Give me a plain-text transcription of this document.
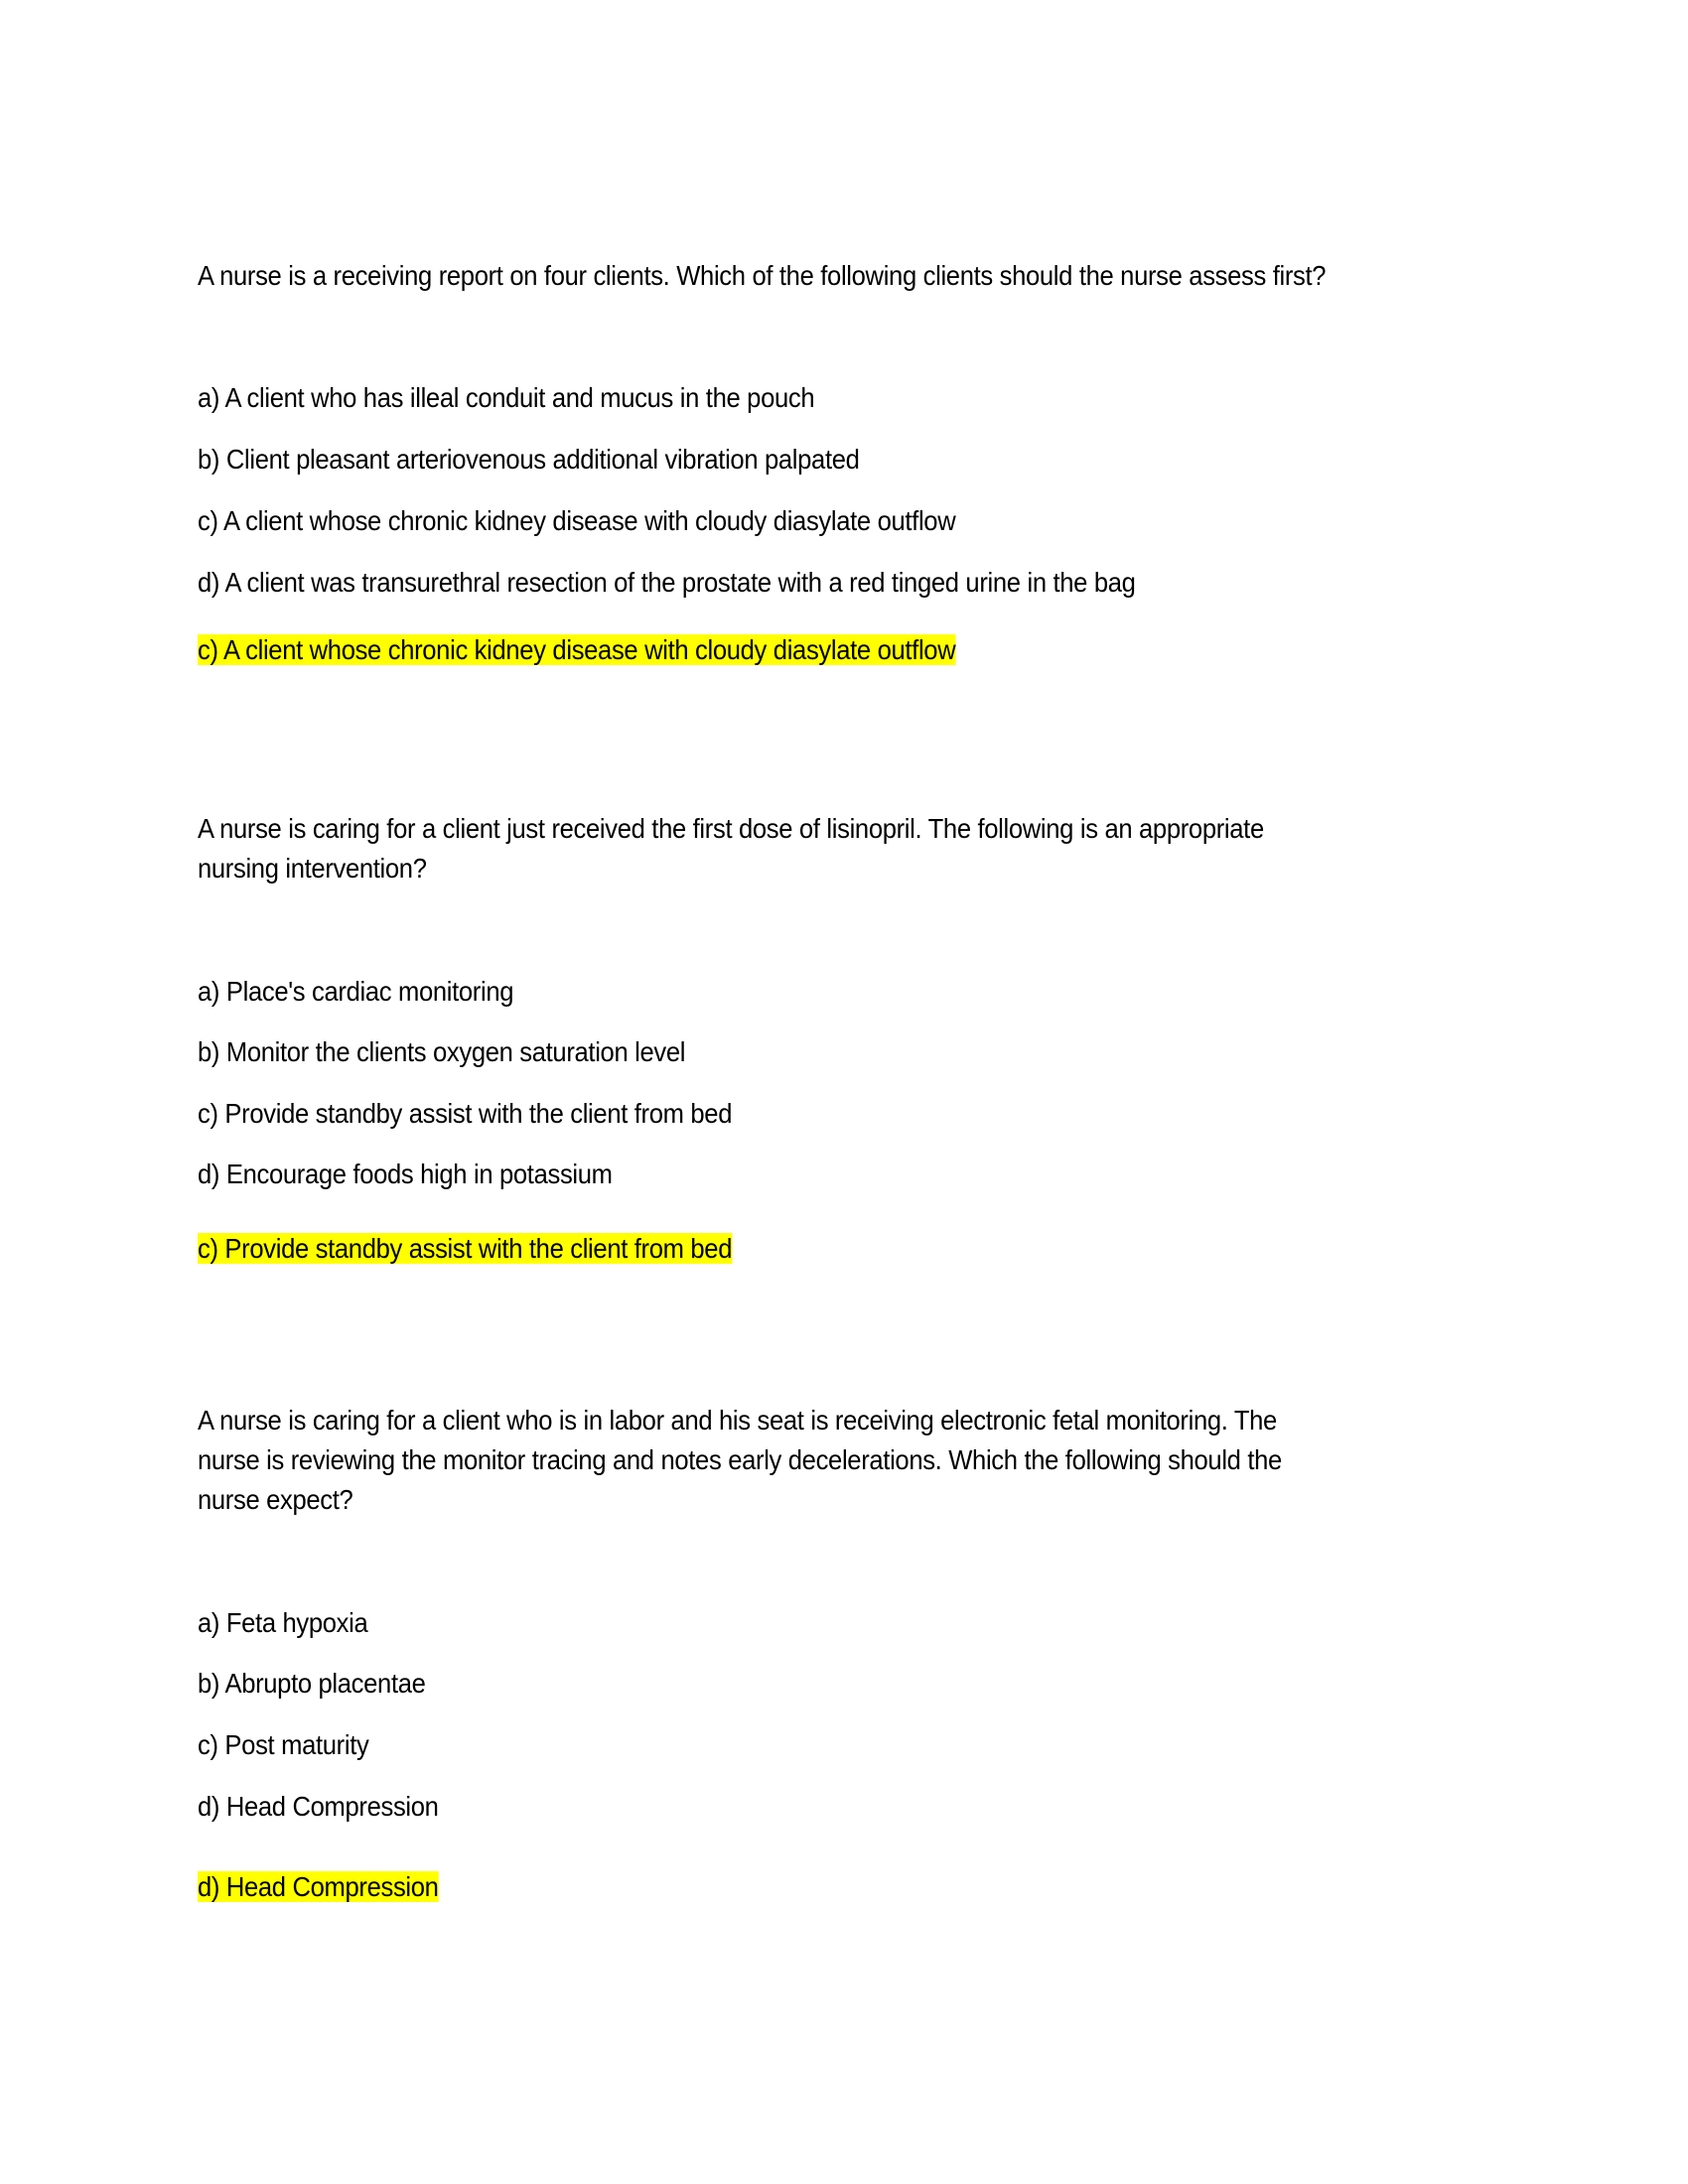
A nurse is a receiving report on four clients. Which of the following clients should the nurse assess first?
a) A client who has illeal conduit and mucus in the pouch
b) Client pleasant arteriovenous additional vibration palpated
c) A client whose chronic kidney disease with cloudy diasylate outflow
d) A client was transurethral resection of the prostate with a red tinged urine in the bag
c) A client whose chronic kidney disease with cloudy diasylate outflow
A nurse is caring for a client just received the first dose of lisinopril. The following is an appropriate
nursing intervention?
a) Place's cardiac monitoring
b) Monitor the clients oxygen saturation level
c) Provide standby assist with the client from bed
d) Encourage foods high in potassium
c) Provide standby assist with the client from bed
A nurse is caring for a client who is in labor and his seat is receiving electronic fetal monitoring. The
nurse is reviewing the monitor tracing and notes early decelerations. Which the following should the
nurse expect?
a) Feta hypoxia
b) Abrupto placentae
c) Post maturity
d) Head Compression
d) Head Compression
